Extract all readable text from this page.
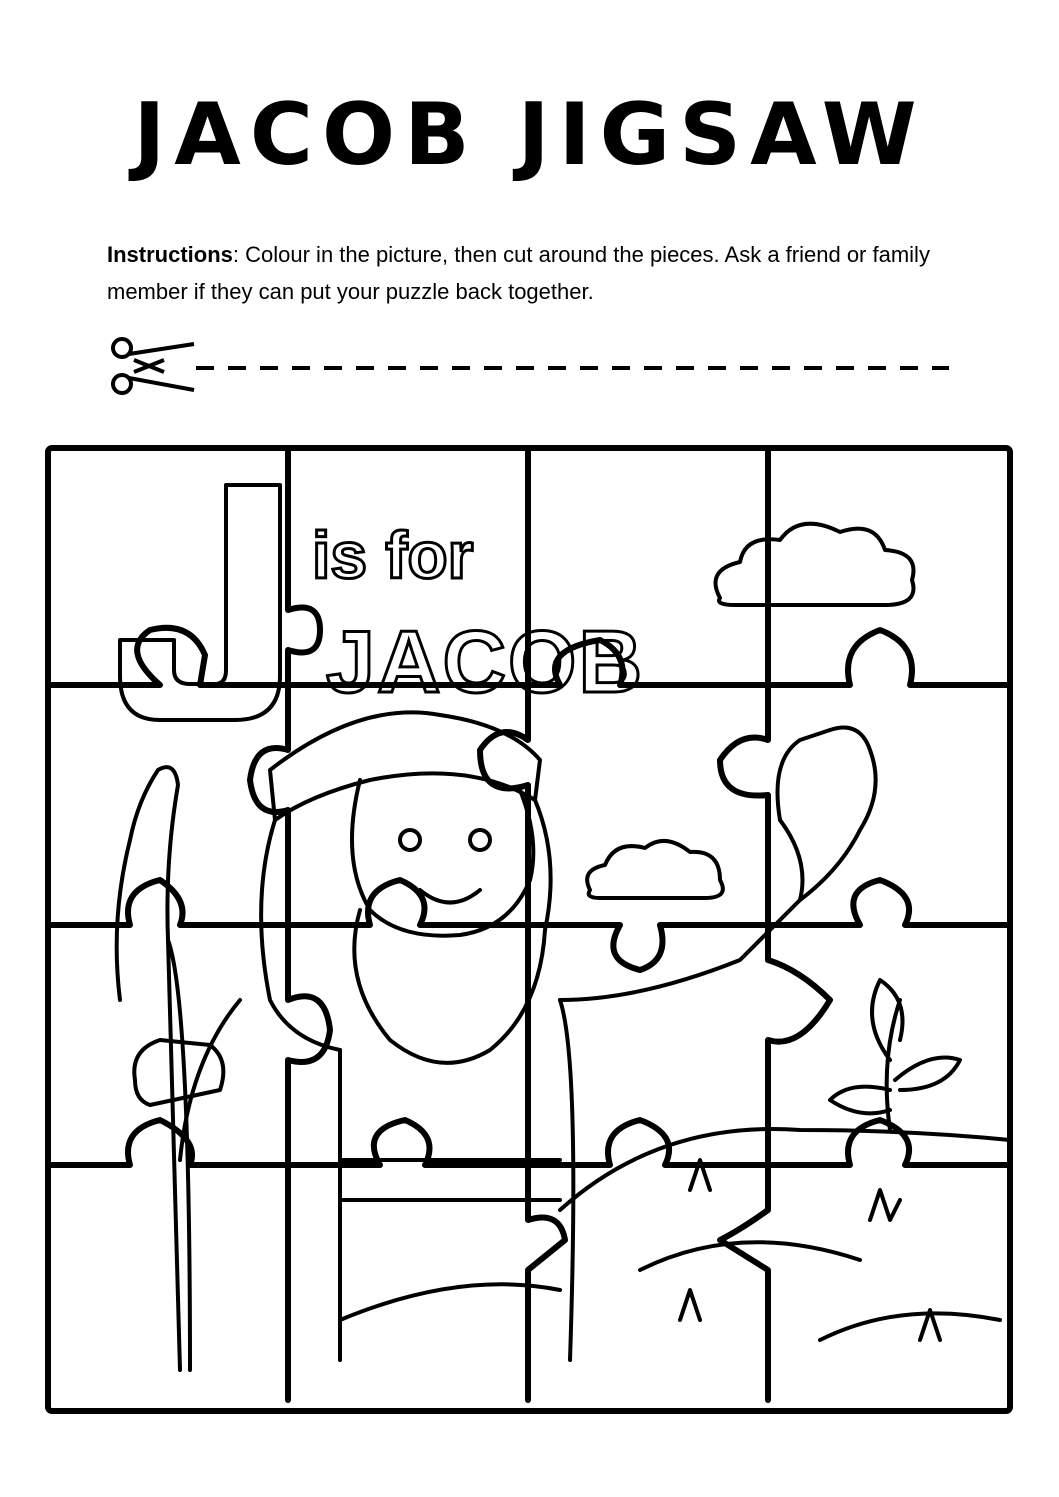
JACOB JIGSAW

Instructions: Colour in the picture, then cut around the pieces. Ask a friend or family member if they can put your puzzle back together.

is for
JACOB
